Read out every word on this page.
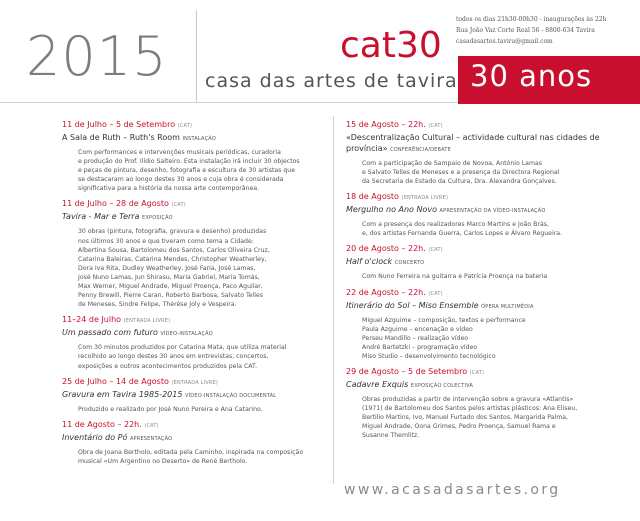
2015	cat30
casa das artes de tavira
todos os dias 21h30-00h30 - inaugurações às 22h
Rua João Vaz Corte Real 56 - 8800-634 Tavira
casadasartes.tavira@gmail.com
30 anos
11 de Julho – 5 de Setembro (CAT)
A Sala de Ruth – Ruth's Room INSTALAÇÃO
Com performances e intervenções musicais periódicas, curadoria
e produção do Prof. Ilídio Salteiro. Esta instalação irá incluir 30 objectos
e peças de pintura, desenho, fotografia e escultura de 30 artistas que
se destacaram ao longo destes 30 anos e cuja obra é considerada
significativa para a história da nossa arte contemporânea.
11 de Julho – 28 de Agosto (CAT)
Tavira - Mar e Terra EXPOSIÇÃO
30 obras (pintura, fotografia, gravura e desenho) produzidas
nos últimos 30 anos e que tiveram como tema a Cidade:
Albertina Sousa, Bartolomeu dos Santos, Carlos Oliveira Cruz,
Catarina Baleiras, Catarina Mendes, Christopher Weatherley,
Dora Iva Rita, Dudley Weatherley, José Faria, José Lamas,
José Nuno Lamas, Jun Shirasu, Maria Gabriel, Maria Tomás,
Max Werner, Miguel Andrade, Miguel Proença, Paco Aguilar,
Penny Brewill, Pierre Caran, Roberto Barbosa, Salvato Telles
de Meneses, Sindre Felipe, Thérèse Joly e Vespeira.
11–24 de Julho (ENTRADA LIVRE)
Um passado com futuro VÍDEO-INSTALAÇÃO
Com 30 minutos produzidos por Catarina Mata, que utiliza material
recolhido ao longo destes 30 anos em entrevistas, concertos,
exposições e outros acontecimentos produzidos pela CAT.
25 de Julho – 14 de Agosto (ENTRADA LIVRE)
Gravura em Tavira 1985-2015 VÍDEO-INSTALAÇÃO DOCUMENTAL
Produzido e realizado por José Nuno Pereira e Ana Catarino.
11 de Agosto – 22h. (CAT)
Inventário do Pó APRESENTAÇÃO
Obra de Joana Bertholo, editada pela Caminho, inspirada na composição
musical «Um Argentino no Deserto» de René Bertholo.
15 de Agosto – 22h. (CAT)
«Descentralização Cultural – actividade cultural nas cidades de província» CONFERÊNCIA/DEBATE
Com a participação de Sampaio de Novoa, António Lamas
e Salvato Telles de Meneses e a presença da Directora Regional
da Secretaria de Estado da Cultura, Dra. Alexandra Gonçalves.
18 de Agosto (ENTRADA LIVRE)
Mergulho no Ano Novo APRESENTAÇÃO DA VÍDEO-INSTALAÇÃO
Com a presença dos realizadores Marco Martins e João Brás,
e, dos artistas Fernanda Guerra, Carlos Lopes e Álvaro Regueira.
20 de Agosto – 22h. (CAT)
Half o'clock CONCERTO
Com Nuno Ferreira na guitarra e Patrícia Proença na bateria
22 de Agosto – 22h. (CAT)
Itinerário do Sol – Miso Ensemble ÓPERA MULTIMÉDIA
Miguel Azguime – composição, textos e performance
Paula Azguime – encenação e vídeo
Perseu Mandillo – realização vídeo
André Bartetzki – programação vídeo
Miso Studio – desenvolvimento tecnológico
29 de Agosto – 5 de Setembro (CAT)
Cadavre Exquis EXPOSIÇÃO COLECTIVA
Obras produzidas a partir de intervenção sobre a gravura «Atlantis»
(1971) de Bartolomeu dos Santos pelos artistas plásticos: Ana Eliseu,
Bertilio Martins, Ivo, Manuel Furtado dos Santos, Margarida Palma,
Miguel Andrade, Oona Grimes, Pedro Proença, Samuel Rama e
Susanne Themlitz.
www.acasadasartes.org
